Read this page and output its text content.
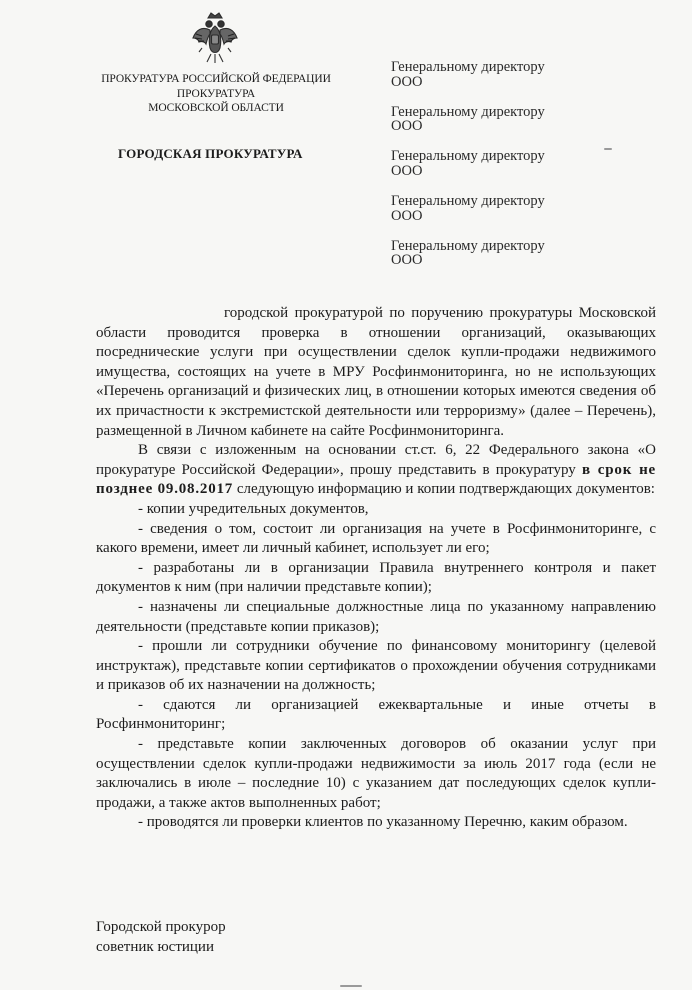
ПРОКУРАТУРА РОССИЙСКОЙ ФЕДЕРАЦИИ
ПРОКУРАТУРА
МОСКОВСКОЙ ОБЛАСТИ
ГОРОДСКАЯ ПРОКУРАТУРА
Генеральному директору
ООО
Генеральному директору
ООО
Генеральному директору
ООО
Генеральному директору
ООО
Генеральному директору
ООО

городской прокуратурой по поручению прокуратуры Московской области проводится проверка в отношении организаций, оказывающих посреднические услуги при осуществлении сделок купли-продажи недвижимого имущества, состоящих на учете в МРУ Росфинмониторинга, но не использующих «Перечень организаций и физических лиц, в отношении которых имеются сведения об их причастности к экстремистской деятельности или терроризму» (далее – Перечень), размещенной в Личном кабинете на сайте Росфинмониторинга.

В связи с изложенным на основании ст.ст. 6, 22 Федерального закона «О прокуратуре Российской Федерации», прошу представить в прокуратуру в срок не позднее 09.08.2017 следующую информацию и копии подтверждающих документов:

- копии учредительных документов,

- сведения о том, состоит ли организация на учете в Росфинмониторинге, с какого времени, имеет ли личный кабинет, использует ли его;

- разработаны ли в организации Правила внутреннего контроля и пакет документов к ним (при наличии представьте копии);

- назначены ли специальные должностные лица по указанному направлению деятельности (представьте копии приказов);

- прошли ли сотрудники обучение по финансовому мониторингу (целевой инструктаж), представьте копии сертификатов о прохождении обучения сотрудниками и приказов об их назначении на должность;

- сдаются ли организацией ежеквартальные и иные отчеты в Росфинмониторинг;

- представьте копии заключенных договоров об оказании услуг при осуществлении сделок купли-продажи недвижимости за июль 2017 года (если не заключались в июле – последние 10) с указанием дат последующих сделок купли-продажи, а также актов выполненных работ;

- проводятся ли проверки клиентов по указанному Перечню, каким образом.

Городской прокурор
советник юстиции
